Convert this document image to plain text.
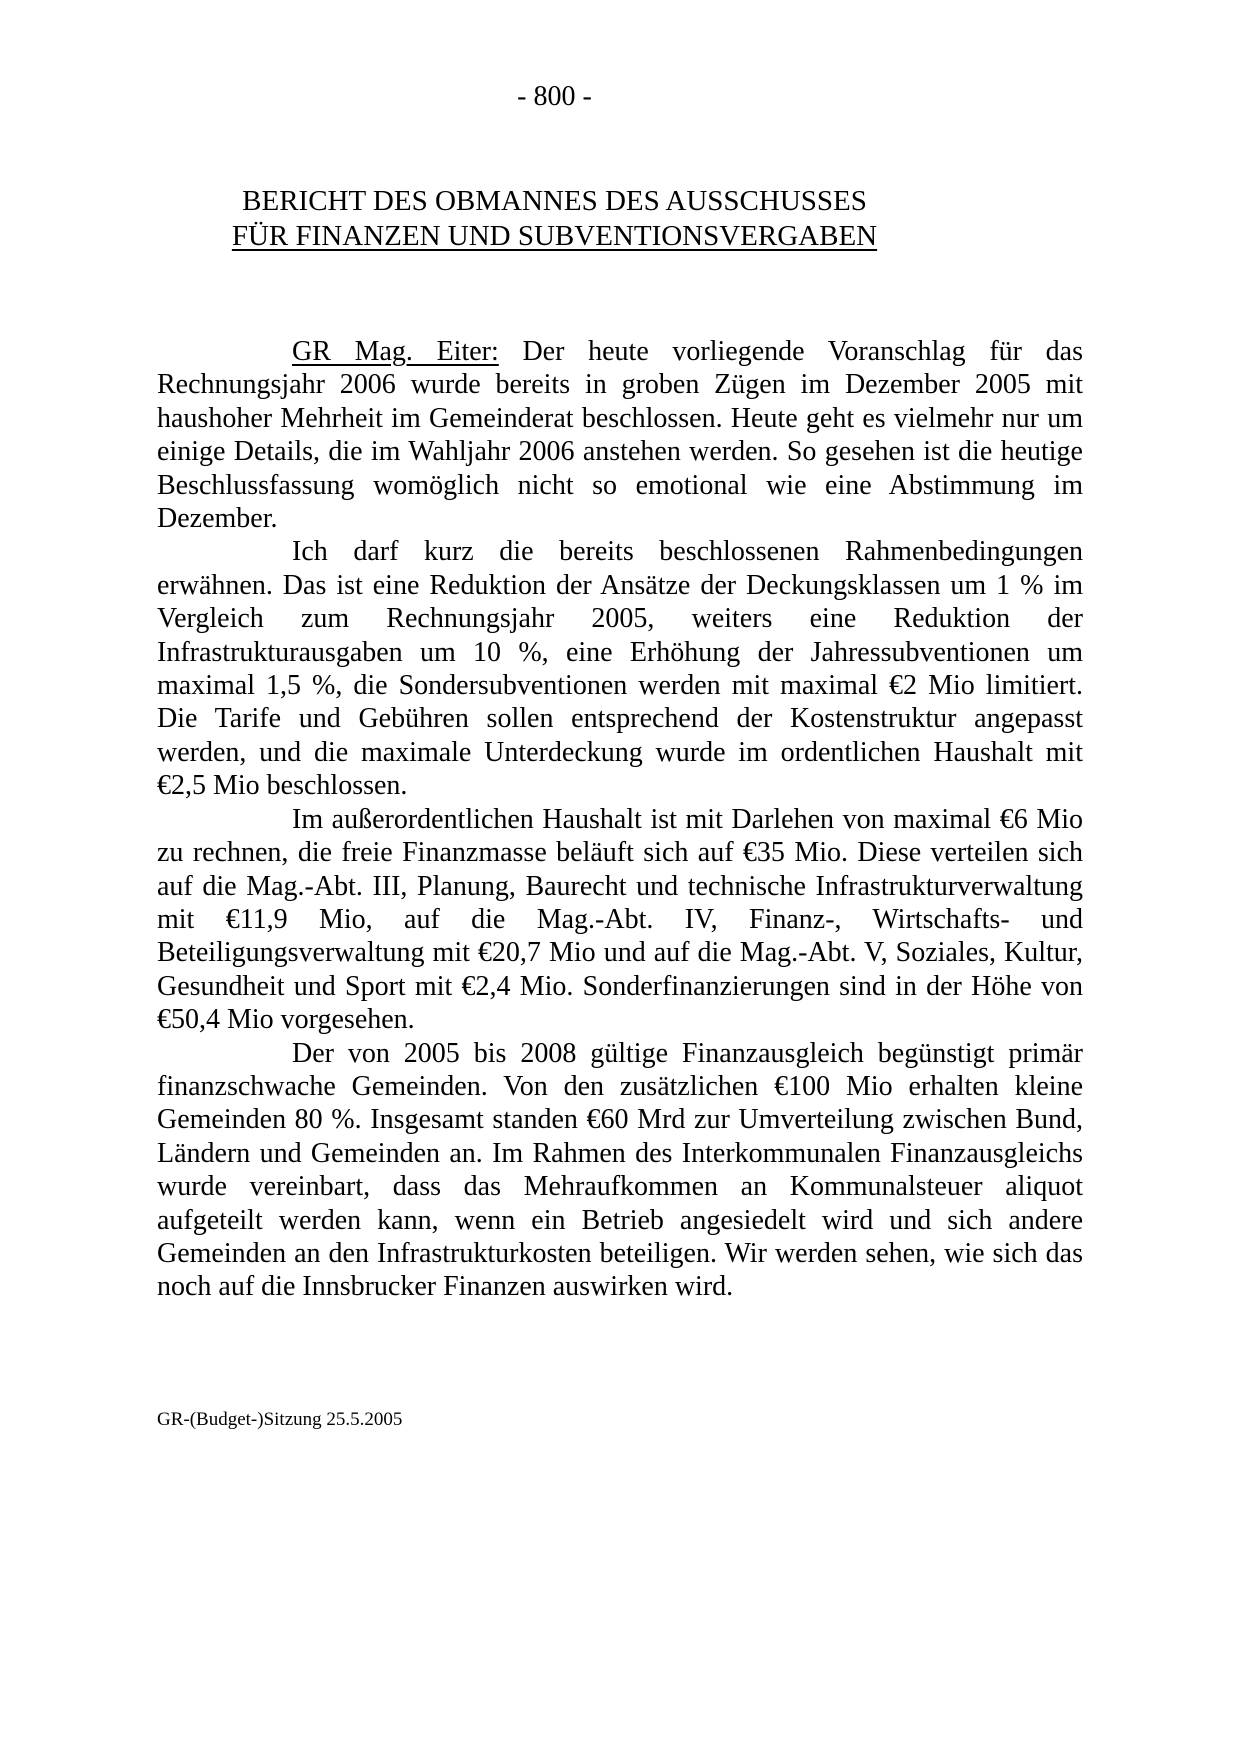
- 800 -
BERICHT DES OBMANNES DES AUSSCHUSSES
FÜR FINANZEN UND SUBVENTIONSVERGABEN

GR Mag. Eiter: Der heute vorliegende Voranschlag für das Rechnungsjahr 2006 wurde bereits in groben Zügen im Dezember 2005 mit haushoher Mehrheit im Gemeinderat beschlossen. Heute geht es vielmehr nur um einige Details, die im Wahljahr 2006 anstehen werden. So gesehen ist die heutige Beschlussfassung womöglich nicht so emotional wie eine Abstimmung im Dezember.

Ich darf kurz die bereits beschlossenen Rahmenbedingungen erwähnen. Das ist eine Reduktion der Ansätze der Deckungsklassen um 1 % im Vergleich zum Rechnungsjahr 2005, weiters eine Reduktion der Infrastrukturausgaben um 10 %, eine Erhöhung der Jahressubventionen um maximal 1,5 %, die Sondersubventionen werden mit maximal €2 Mio limitiert. Die Tarife und Gebühren sollen entsprechend der Kostenstruktur angepasst werden, und die maximale Unterdeckung wurde im ordentlichen Haushalt mit €2,5 Mio beschlossen.

Im außerordentlichen Haushalt ist mit Darlehen von maximal €6 Mio zu rechnen, die freie Finanzmasse beläuft sich auf €35 Mio. Diese verteilen sich auf die Mag.-Abt. III, Planung, Baurecht und technische Infrastrukturverwaltung mit €11,9 Mio, auf die Mag.-Abt. IV, Finanz-, Wirtschafts- und Beteiligungsverwaltung mit €20,7 Mio und auf die Mag.-Abt. V, Soziales, Kultur, Gesundheit und Sport mit €2,4 Mio. Sonderfinanzierungen sind in der Höhe von €50,4 Mio vorgesehen.

Der von 2005 bis 2008 gültige Finanzausgleich begünstigt primär finanzschwache Gemeinden. Von den zusätzlichen €100 Mio erhalten kleine Gemeinden 80 %. Insgesamt standen €60 Mrd zur Umverteilung zwischen Bund, Ländern und Gemeinden an. Im Rahmen des Interkommunalen Finanzausgleichs wurde vereinbart, dass das Mehraufkommen an Kommunalsteuer aliquot aufgeteilt werden kann, wenn ein Betrieb angesiedelt wird und sich andere Gemeinden an den Infrastrukturkosten beteiligen. Wir werden sehen, wie sich das noch auf die Innsbrucker Finanzen auswirken wird.

GR-(Budget-)Sitzung 25.5.2005
